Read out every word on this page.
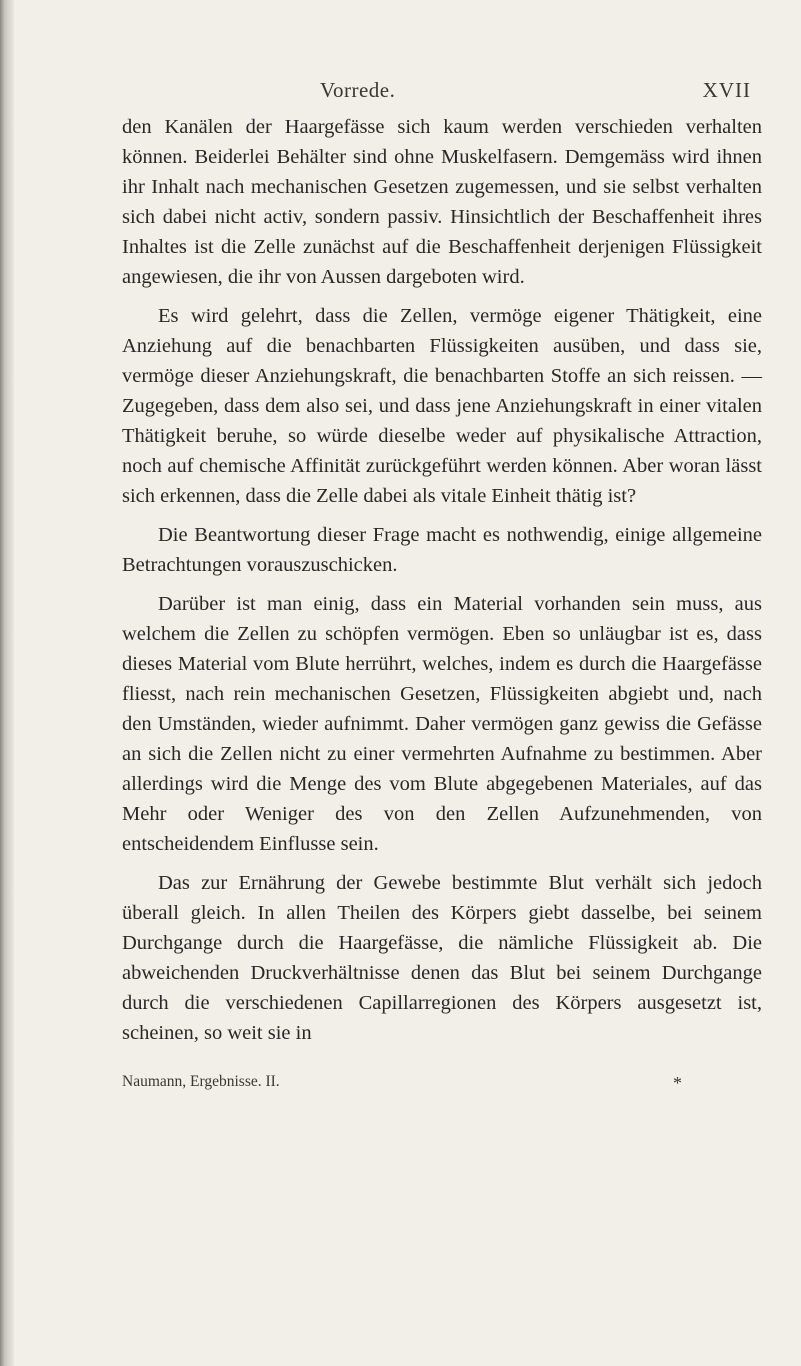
Vorrede.	XVII

den Kanälen der Haargefässe sich kaum werden verschieden verhalten können. Beiderlei Behälter sind ohne Muskelfasern. Demgemäss wird ihnen ihr Inhalt nach mechanischen Gesetzen zugemessen, und sie selbst verhalten sich dabei nicht activ, sondern passiv. Hinsichtlich der Beschaffenheit ihres Inhaltes ist die Zelle zunächst auf die Beschaffenheit derjenigen Flüssigkeit angewiesen, die ihr von Aussen dargeboten wird.

Es wird gelehrt, dass die Zellen, vermöge eigener Thätigkeit, eine Anziehung auf die benachbarten Flüssigkeiten ausüben, und dass sie, vermöge dieser Anziehungskraft, die benachbarten Stoffe an sich reissen. — Zugegeben, dass dem also sei, und dass jene Anziehungskraft in einer vitalen Thätigkeit beruhe, so würde dieselbe weder auf physikalische Attraction, noch auf chemische Affinität zurückgeführt werden können. Aber woran lässt sich erkennen, dass die Zelle dabei als vitale Einheit thätig ist?

Die Beantwortung dieser Frage macht es nothwendig, einige allgemeine Betrachtungen vorauszuschicken.

Darüber ist man einig, dass ein Material vorhanden sein muss, aus welchem die Zellen zu schöpfen vermögen. Eben so unläugbar ist es, dass dieses Material vom Blute herrührt, welches, indem es durch die Haargefässe fliesst, nach rein mechanischen Gesetzen, Flüssigkeiten abgiebt und, nach den Umständen, wieder aufnimmt. Daher vermögen ganz gewiss die Gefässe an sich die Zellen nicht zu einer vermehrten Aufnahme zu bestimmen. Aber allerdings wird die Menge des vom Blute abgegebenen Materiales, auf das Mehr oder Weniger des von den Zellen Aufzunehmenden, von entscheidendem Einflusse sein.

Das zur Ernährung der Gewebe bestimmte Blut verhält sich jedoch überall gleich. In allen Theilen des Körpers giebt dasselbe, bei seinem Durchgange durch die Haargefässe, die nämliche Flüssigkeit ab. Die abweichenden Druckverhältnisse denen das Blut bei seinem Durchgange durch die verschiedenen Capillarregionen des Körpers ausgesetzt ist, scheinen, so weit sie in

Naumann, Ergebnisse. II.	*
